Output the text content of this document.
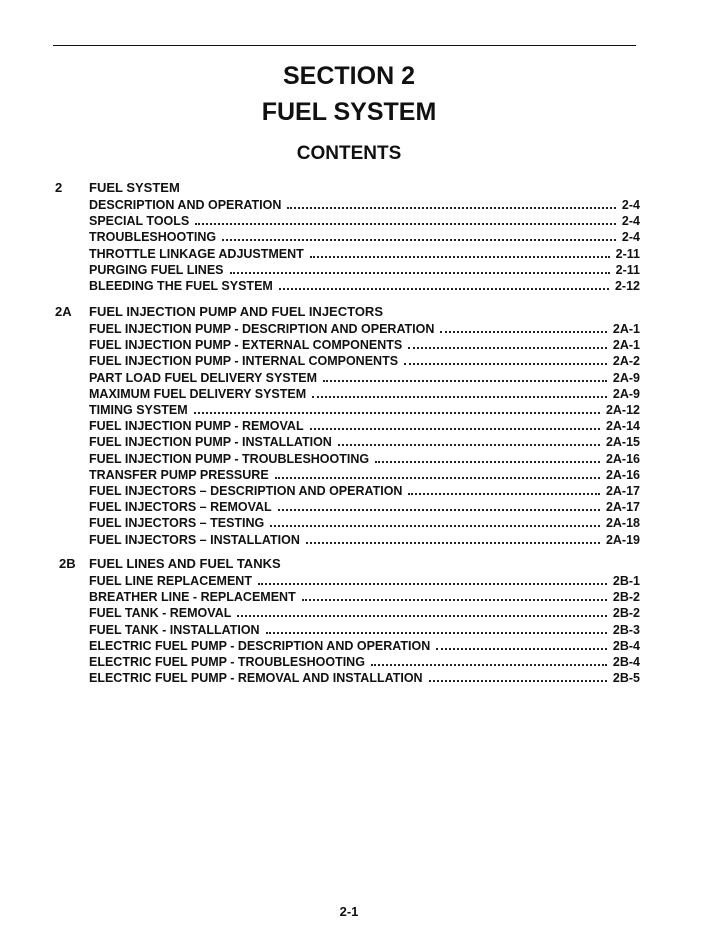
SECTION 2
FUEL SYSTEM
CONTENTS
2 FUEL SYSTEM
DESCRIPTION AND OPERATION	2-4
SPECIAL TOOLS	2-4
TROUBLESHOOTING	2-4
THROTTLE LINKAGE ADJUSTMENT	2-11
PURGING FUEL LINES	2-11
BLEEDING THE FUEL SYSTEM	2-12
2A FUEL INJECTION PUMP AND FUEL INJECTORS
FUEL INJECTION PUMP - DESCRIPTION AND OPERATION	2A-1
FUEL INJECTION PUMP - EXTERNAL COMPONENTS	2A-1
FUEL INJECTION PUMP - INTERNAL COMPONENTS	2A-2
PART LOAD FUEL DELIVERY SYSTEM	2A-9
MAXIMUM FUEL DELIVERY SYSTEM	2A-9
TIMING SYSTEM	2A-12
FUEL INJECTION PUMP - REMOVAL	2A-14
FUEL INJECTION PUMP - INSTALLATION	2A-15
FUEL INJECTION PUMP - TROUBLESHOOTING	2A-16
TRANSFER PUMP PRESSURE	2A-16
FUEL INJECTORS – DESCRIPTION AND OPERATION	2A-17
FUEL INJECTORS – REMOVAL	2A-17
FUEL INJECTORS – TESTING	2A-18
FUEL INJECTORS – INSTALLATION	2A-19
2B FUEL LINES AND FUEL TANKS
FUEL LINE REPLACEMENT	2B-1
BREATHER LINE - REPLACEMENT	2B-2
FUEL TANK - REMOVAL	2B-2
FUEL TANK - INSTALLATION	2B-3
ELECTRIC FUEL PUMP - DESCRIPTION AND OPERATION	2B-4
ELECTRIC FUEL PUMP - TROUBLESHOOTING	2B-4
ELECTRIC FUEL PUMP - REMOVAL AND INSTALLATION	2B-5
2-1
